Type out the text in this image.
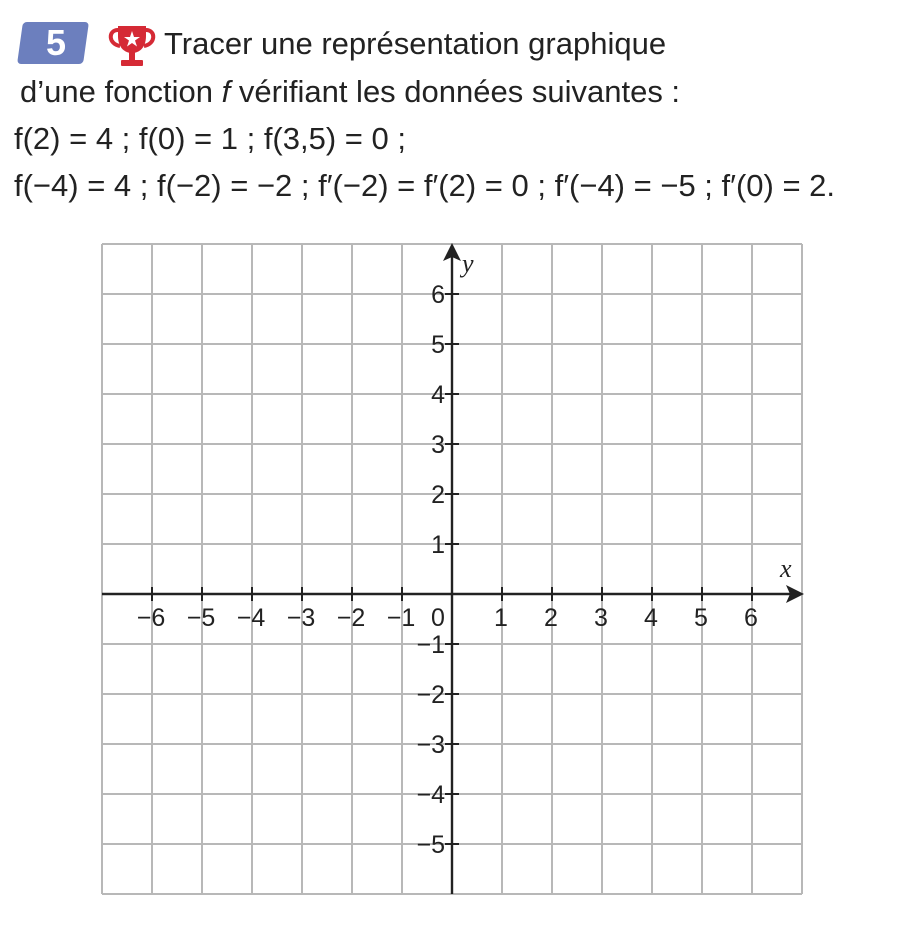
5	Tracer une représentation graphique
d’une fonction f vérifiant les données suivantes :
f(2) = 4 ; f(0) = 1 ; f(3,5) = 0 ;
f(−4) = 4 ; f(−2) = −2 ; f′(−2) = f′(2) = 0 ; f′(−4) = −5 ; f′(0) = 2.
−6 −5 −4 −3 −2 −1	1 2 3 4 5 6
6
5
4
3
2
1
−1
−2
−3
−4
−5
0
x
y
